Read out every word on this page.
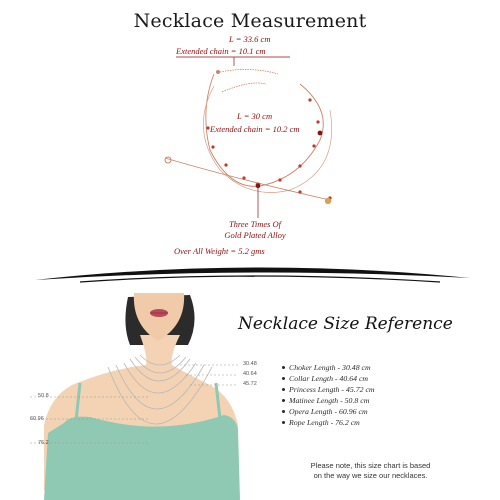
Necklace Measurement
L = 33.6 cm
Extended chain = 10.1 cm
L = 30 cm
Extended chain = 10.2 cm
Three Times Of
Gold Plated Alloy
Over All Weight = 5.2 gms
30.48
40.64
45.72
50.8
60.96
76.2
Necklace Size Reference
Choker Length - 30.48 cm
Collar Length - 40.64 cm
Princess Length - 45.72 cm
Matinee Length - 50.8 cm
Opera Length - 60.96 cm
Rope Length - 76.2 cm
Please note, this size chart is based
on the way we size our necklaces.
